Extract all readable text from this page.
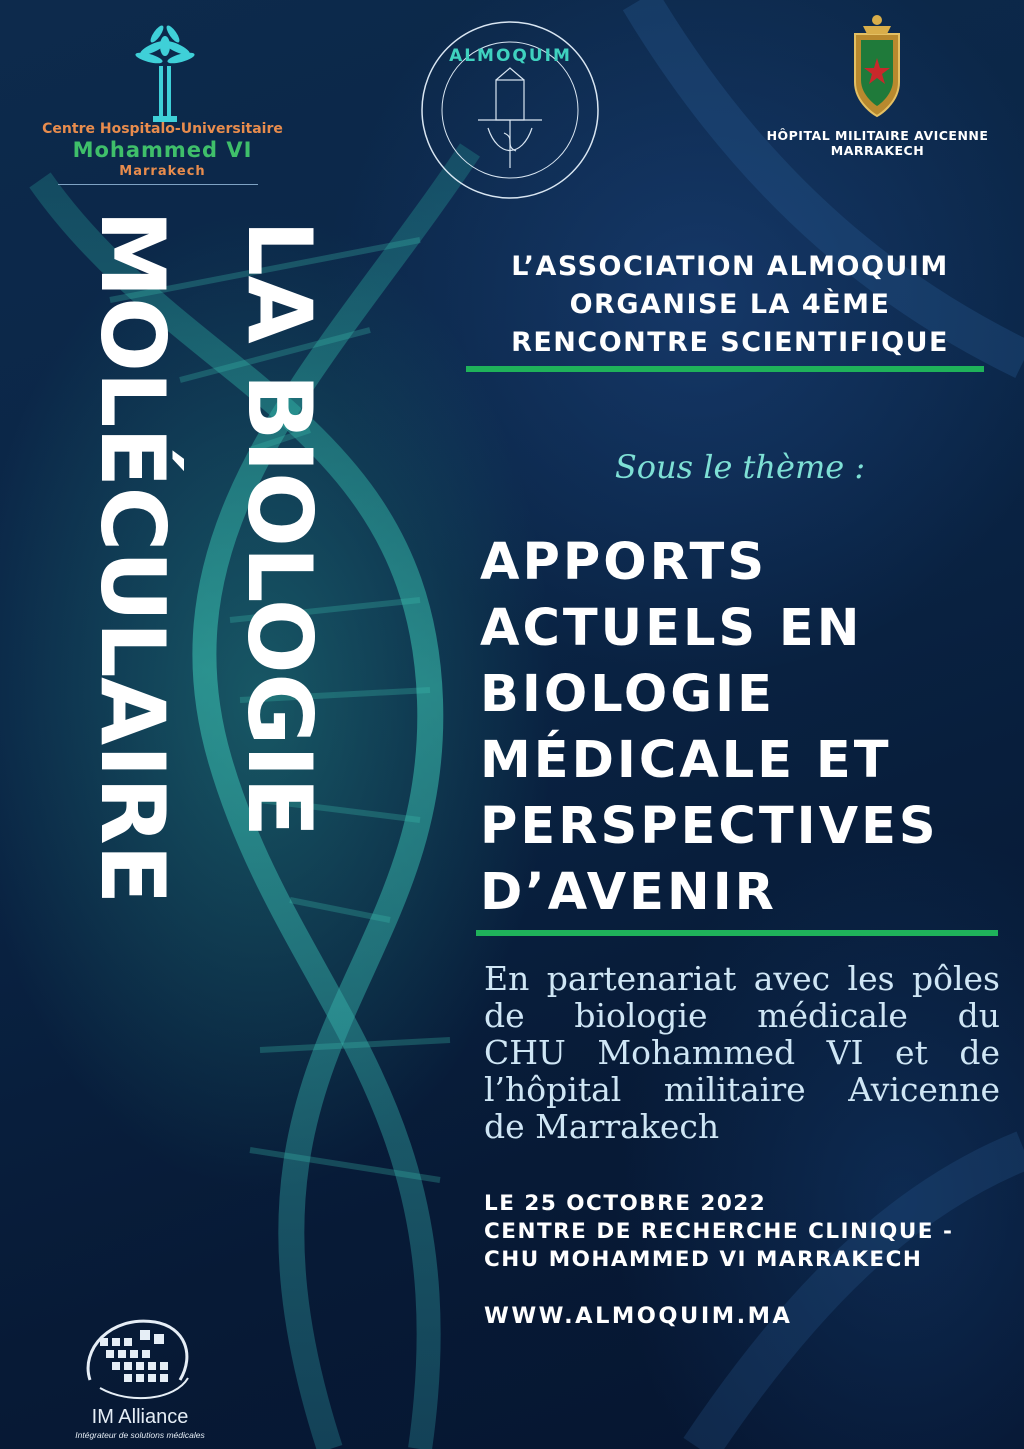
Centre Hospitalo-Universitaire
Mohammed VI
Marrakech
ALMOQUIM
HÔPITAL MILITAIRE AVICENNE
MARRAKECH
MOLÉCULAIRE LA BIOLOGIE	L’ASSOCIATION ALMOQUIM
ORGANISE LA 4ÈME
RENCONTRE SCIENTIFIQUE
Sous le thème :
APPORTS
ACTUELS EN
BIOLOGIE
MÉDICALE ET
PERSPECTIVES
D’AVENIR
En partenariat avec les pôles
de biologie médicale du
CHU Mohammed VI et de
l’hôpital militaire Avicenne
de Marrakech
LE 25 OCTOBRE 2022
CENTRE DE RECHERCHE CLINIQUE -
CHU MOHAMMED VI MARRAKECH
WWW.ALMOQUIM.MA
IM Alliance
Intégrateur de solutions médicales
